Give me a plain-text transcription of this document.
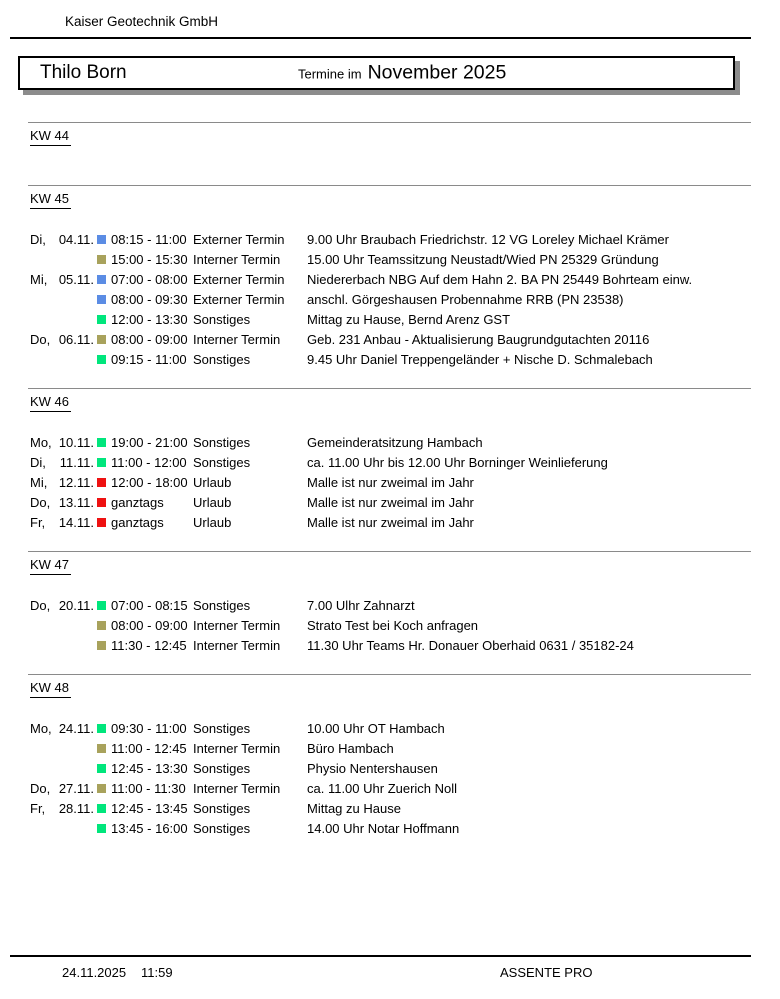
Kaiser Geotechnik GmbH
Thilo Born	Termine im November 2025
KW 44
KW 45
Di, 04.11. 08:15 - 11:00 Externer Termin	9.00 Uhr Braubach Friedrichstr. 12 VG Loreley Michael Krämer
15:00 - 15:30 Interner Termin	15.00 Uhr Teamssitzung Neustadt/Wied PN 25329 Gründung
Mi, 05.11. 07:00 - 08:00 Externer Termin	Niedererbach NBG Auf dem Hahn 2. BA PN 25449 Bohrteam einw.
08:00 - 09:30 Externer Termin	anschl. Görgeshausen Probennahme RRB (PN 23538)
12:00 - 13:30 Sonstiges	Mittag zu Hause, Bernd Arenz GST
Do, 06.11. 08:00 - 09:00 Interner Termin	Geb. 231 Anbau - Aktualisierung Baugrundgutachten 20116
09:15 - 11:00 Sonstiges	9.45 Uhr Daniel Treppengeländer + Nische D. Schmalebach
KW 46
Mo, 10.11. 19:00 - 21:00 Sonstiges	Gemeinderatsitzung Hambach
Di, 11.11. 11:00 - 12:00 Sonstiges	ca. 11.00 Uhr bis 12.00 Uhr Borninger Weinlieferung
Mi, 12.11. 12:00 - 18:00 Urlaub	Malle ist nur zweimal im Jahr
Do, 13.11. ganztags	Urlaub	Malle ist nur zweimal im Jahr
Fr, 14.11. ganztags	Urlaub	Malle ist nur zweimal im Jahr
KW 47
Do, 20.11. 07:00 - 08:15 Sonstiges	7.00 Ulhr Zahnarzt
08:00 - 09:00 Interner Termin	Strato Test bei Koch anfragen
11:30 - 12:45 Interner Termin	11.30 Uhr Teams Hr. Donauer Oberhaid 0631 / 35182-24
KW 48
Mo, 24.11. 09:30 - 11:00 Sonstiges	10.00 Uhr OT Hambach
11:00 - 12:45 Interner Termin	Büro Hambach
12:45 - 13:30 Sonstiges	Physio Nentershausen
Do, 27.11. 11:00 - 11:30 Interner Termin	ca. 11.00 Uhr Zuerich Noll
Fr, 28.11. 12:45 - 13:45 Sonstiges	Mittag zu Hause
13:45 - 16:00 Sonstiges	14.00 Uhr Notar Hoffmann
24.11.2025 11:59	ASSENTE PRO
